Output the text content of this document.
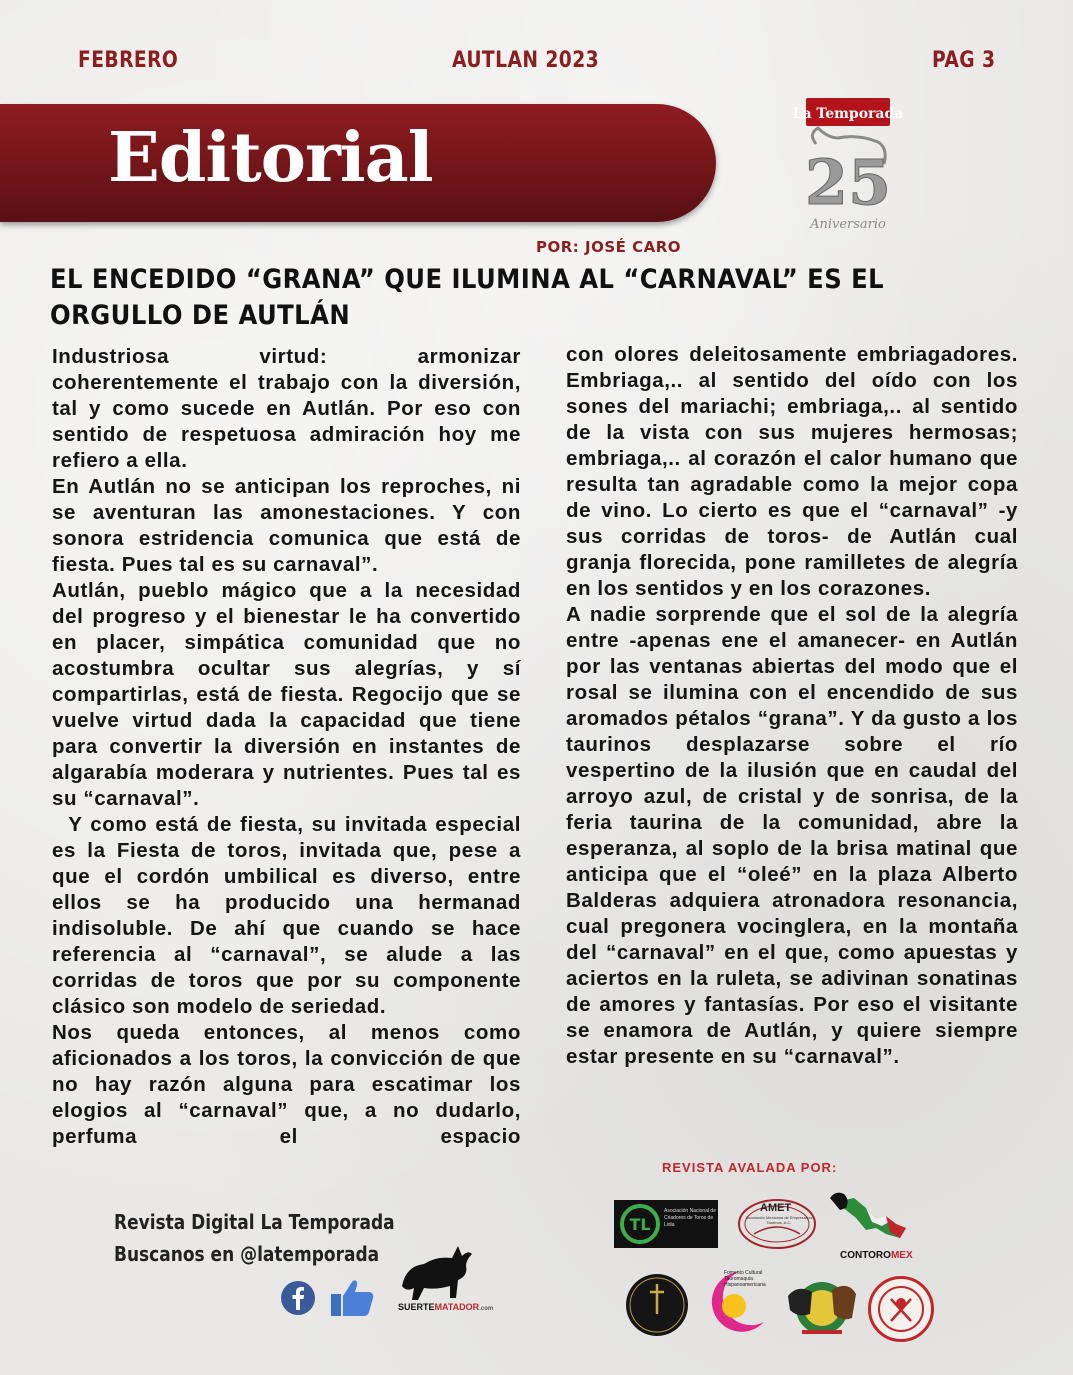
FEBRERO	AUTLAN 2023	PAG 3
Editorial
La Temporada
25
Aniversario
POR: JOSÉ CARO
EL ENCEDIDO “GRANA” QUE ILUMINA AL “CARNAVAL” ES EL ORGULLO DE AUTLÁN

Industriosa virtud: armonizar coherentemente el trabajo con la diversión, tal y como sucede en Autlán. Por eso con sentido de respetuosa admiración hoy me refiero a ella.

En Autlán no se anticipan los reproches, ni se aventuran las amonestaciones. Y con sonora estridencia comunica que está de fiesta. Pues tal es su carnaval”.

Autlán, pueblo mágico que a la necesidad del progreso y el bienestar le ha convertido en placer, simpática comunidad que no acostumbra ocultar sus alegrías, y sí compartirlas, está de fiesta. Regocijo que se vuelve virtud dada la capacidad que tiene para convertir la diversión en instantes de algarabía moderara y nutrientes. Pues tal es su “carnaval”.

Y como está de fiesta, su invitada especial es la Fiesta de toros, invitada que, pese a que el cordón umbilical es diverso, entre ellos se ha producido una hermanad indisoluble. De ahí que cuando se hace referencia al “carnaval”, se alude a las corridas de toros que por su componente clásico son modelo de seriedad.

Nos queda entonces, al menos como aficionados a los toros, la convicción de que no hay razón alguna para escatimar los elogios al “carnaval” que, a no dudarlo, perfuma el espacio

con olores deleitosamente embriagadores. Embriaga,.. al sentido del oído con los sones del mariachi; embriaga,.. al sentido de la vista con sus mujeres hermosas; embriaga,.. al corazón el calor humano que resulta tan agradable como la mejor copa de vino. Lo cierto es que el “carnaval” -y sus corridas de toros- de Autlán cual granja florecida, pone ramilletes de alegría en los sentidos y en los corazones.

A nadie sorprende que el sol de la alegría entre -apenas ene el amanecer- en Autlán por las ventanas abiertas del modo que el rosal se ilumina con el encendido de sus aromados pétalos “grana”. Y da gusto a los taurinos desplazarse sobre el río vespertino de la ilusión que en caudal del arroyo azul, de cristal y de sonrisa, de la feria taurina de la comunidad, abre la esperanza, al soplo de la brisa matinal que anticipa que el “oleé” en la plaza Alberto Balderas adquiera atronadora resonancia, cual pregonera vocinglera, en la montaña del “carnaval” en el que, como apuestas y aciertos en la ruleta, se adivinan sonatinas de amores y fantasías. Por eso el visitante se enamora de Autlán, y quiere siempre estar presente en su “carnaval”.

Revista Digital La Temporada
Buscanos en @latemporada
SUERTEMATADOR.com
REVISTA AVALADA POR:
TL
Asociación Nacional de Criadores de Toros de Lidia
AMET
Asociación Mexicana de Empresarios Taurinos, A.C.
CONTOROMEX
Fomento Cultural Tauromaquia Hispanoamericana
